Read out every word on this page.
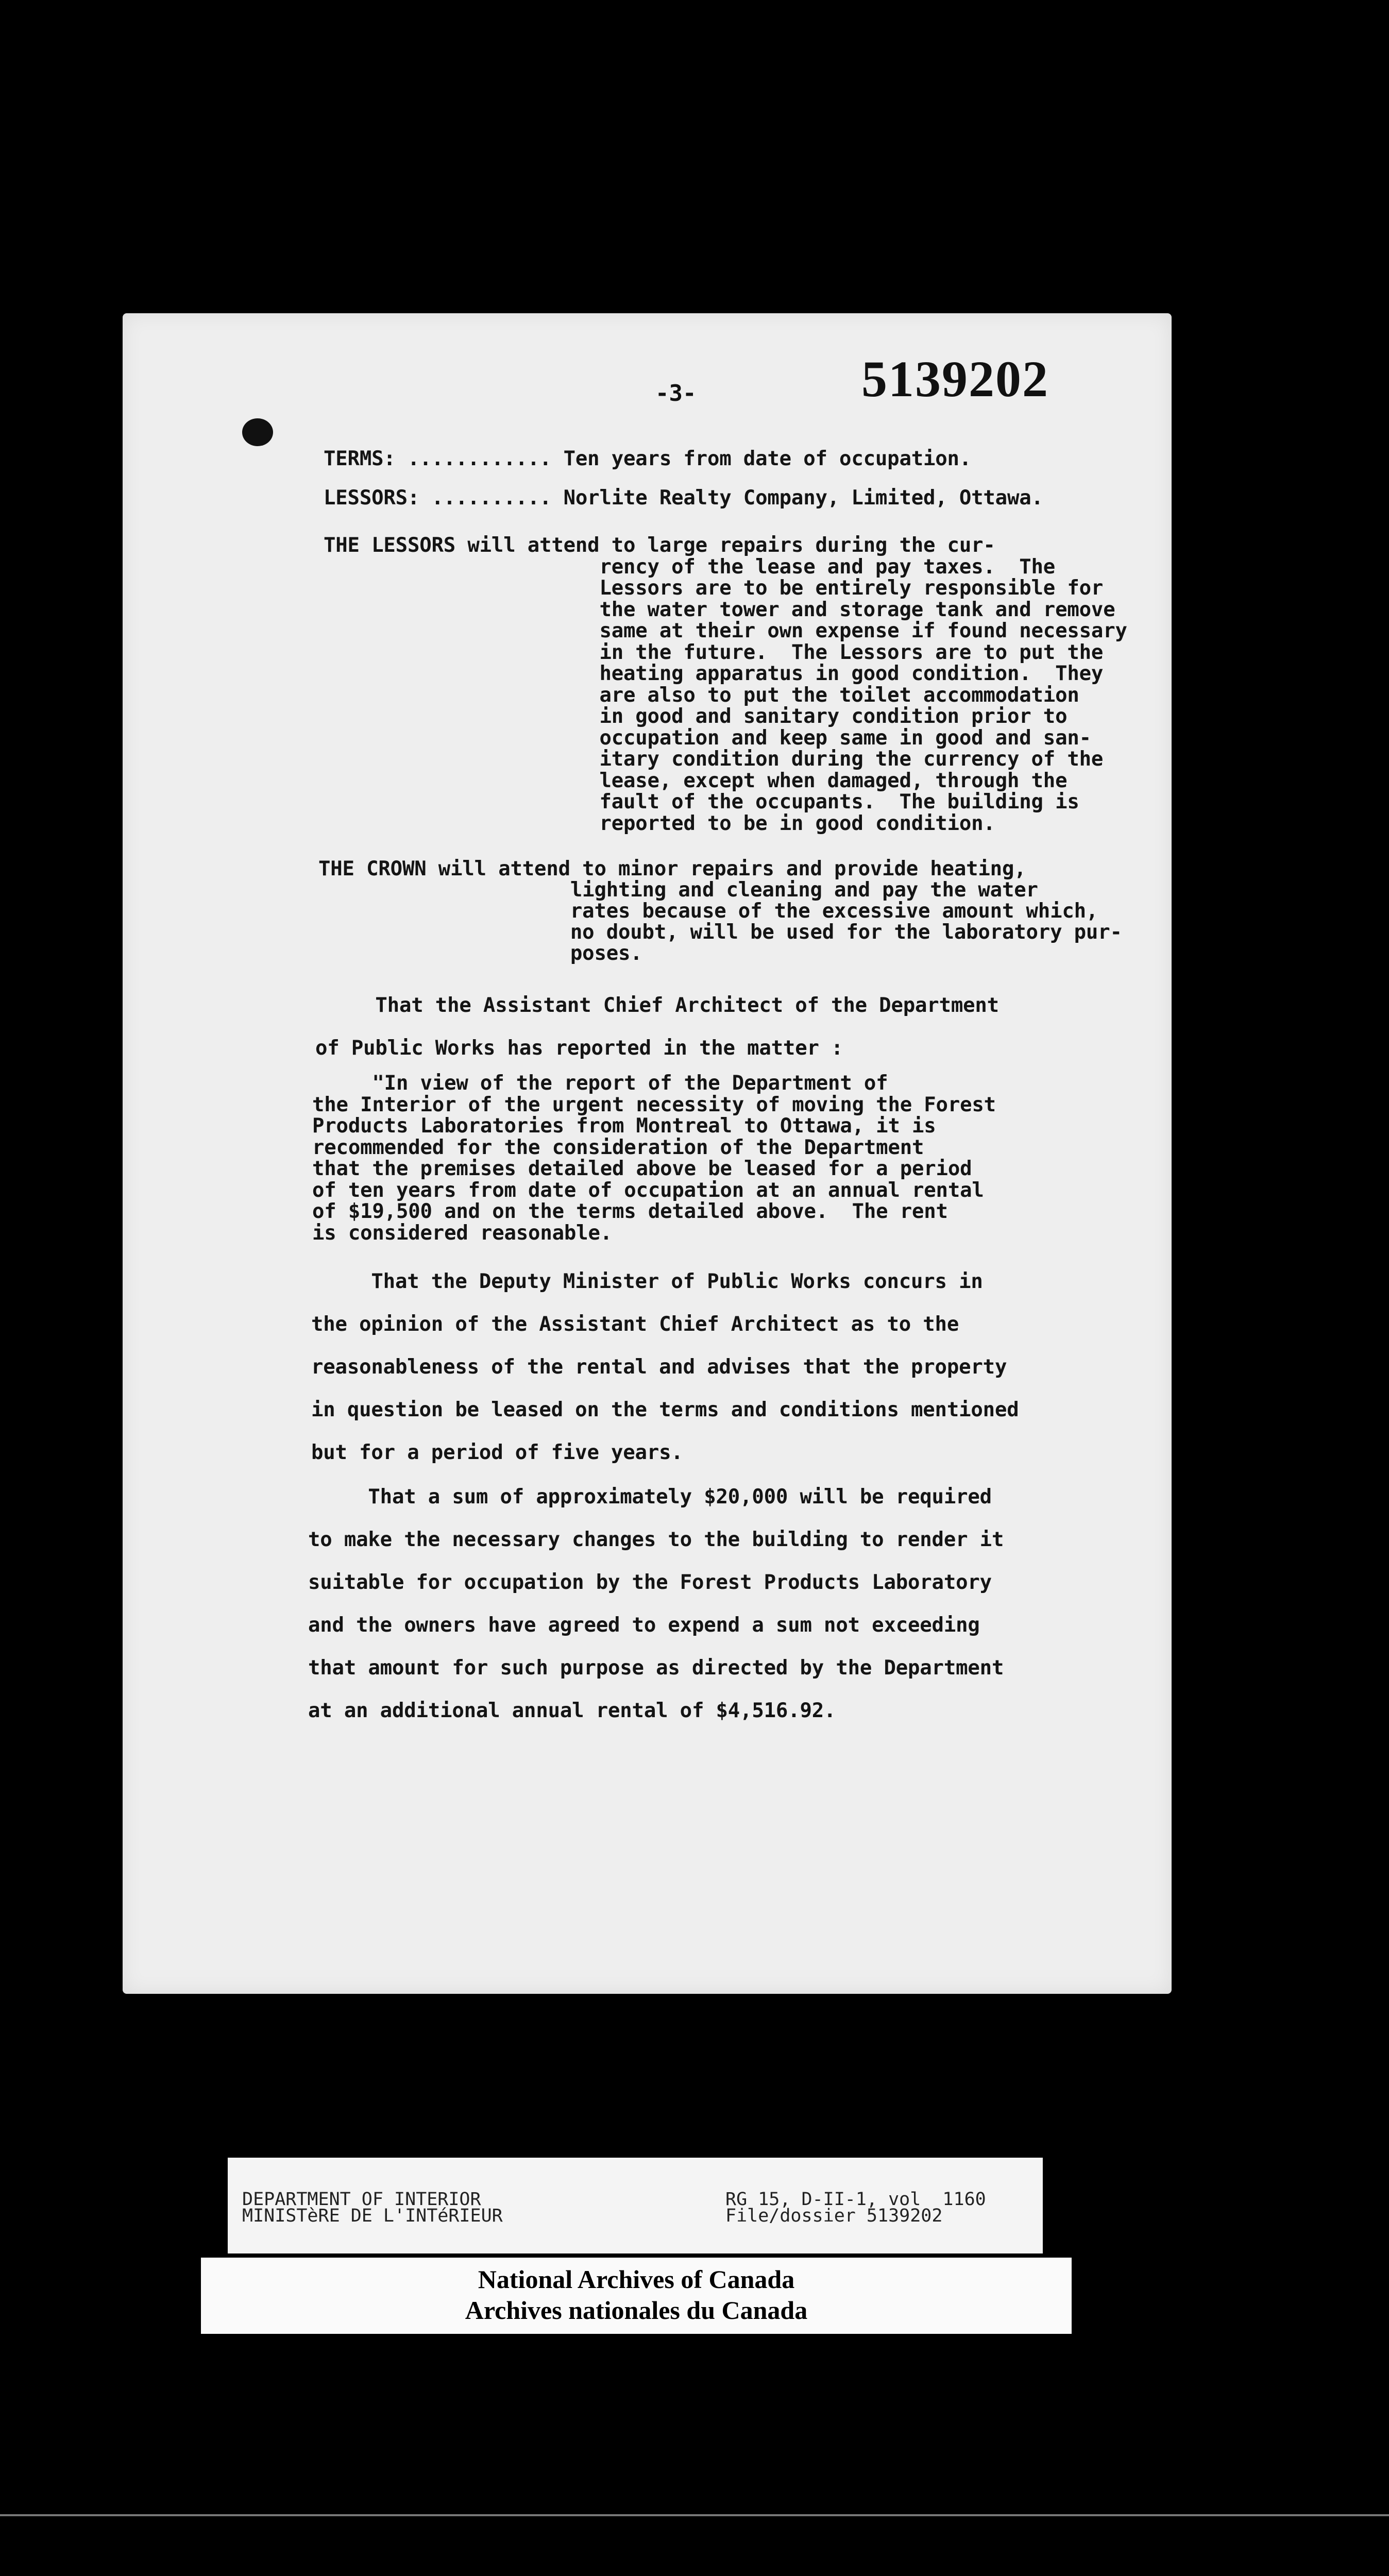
5139202
-3-
TERMS: ............ Ten years from date of occupation.
LESSORS: .......... Norlite Realty Company, Limited, Ottawa.
THE LESSORS will attend to large repairs during the cur-
rency of the lease and pay taxes.  The
Lessors are to be entirely responsible for
the water tower and storage tank and remove
same at their own expense if found necessary
in the future.  The Lessors are to put the
heating apparatus in good condition.  They
are also to put the toilet accommodation
in good and sanitary condition prior to
occupation and keep same in good and san-
itary condition during the currency of the
lease, except when damaged, through the
fault of the occupants.  The building is
reported to be in good condition.
THE CROWN will attend to minor repairs and provide heating,
lighting and cleaning and pay the water
rates because of the excessive amount which,
no doubt, will be used for the laboratory pur-
poses.
That the Assistant Chief Architect of the Department
of Public Works has reported in the matter :
"In view of the report of the Department of
the Interior of the urgent necessity of moving the Forest
Products Laboratories from Montreal to Ottawa, it is
recommended for the consideration of the Department
that the premises detailed above be leased for a period
of ten years from date of occupation at an annual rental
of $19,500 and on the terms detailed above.  The rent
is considered reasonable.
That the Deputy Minister of Public Works concurs in
the opinion of the Assistant Chief Architect as to the
reasonableness of the rental and advises that the property
in question be leased on the terms and conditions mentioned
but for a period of five years.
That a sum of approximately $20,000 will be required
to make the necessary changes to the building to render it
suitable for occupation by the Forest Products Laboratory
and the owners have agreed to expend a sum not exceeding
that amount for such purpose as directed by the Department
at an additional annual rental of $4,516.92.
DEPARTMENT OF INTERIOR
MINISTèRE DE L'INTéRIEUR
RG 15, D-II-1, vol  1160
File/dossier 5139202
National Archives of Canada
Archives nationales du Canada
